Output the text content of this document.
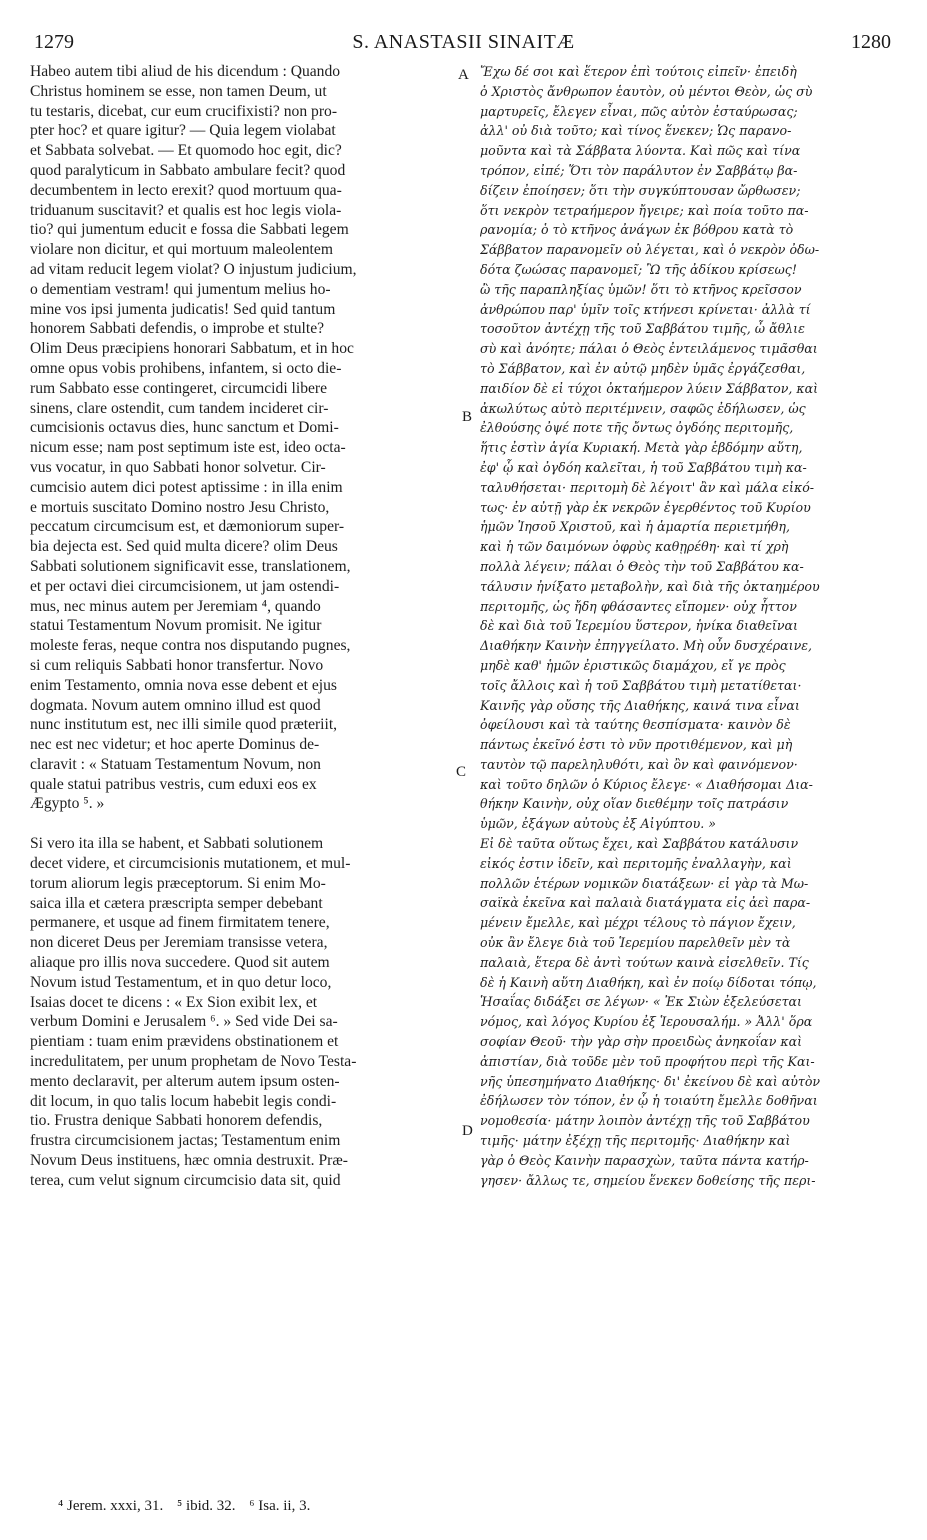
S. ANASTASII SINAITÆ
1279	1280
Habeo autem tibi aliud de his dicendum : Quando
Christus hominem se esse, non tamen Deum, ut
tu testaris, dicebat, cur eum crucifixisti? non pro-
pter hoc? et quare igitur? — Quia legem violabat
et Sabbata solvebat. — Et quomodo hoc egit, dic?
quod paralyticum in Sabbato ambulare fecit? quod
decumbentem in lecto erexit? quod mortuum qua-
triduanum suscitavit? et qualis est hoc legis viola-
tio? qui jumentum educit e fossa die Sabbati legem
violare non dicitur, et qui mortuum maleolentem
ad vitam reducit legem violat? O injustum judicium,
o dementiam vestram! qui jumentum melius ho-
mine vos ipsi jumenta judicatis! Sed quid tantum
honorem Sabbati defendis, o improbe et stulte?
Olim Deus præcipiens honorari Sabbatum, et in hoc
omne opus vobis prohibens, infantem, si octo die-
rum Sabbato esse contingeret, circumcidi libere
sinens, clare ostendit, cum tandem incideret cir-
cumcisionis octavus dies, hunc sanctum et Domi-
nicum esse; nam post septimum iste est, ideo octa-
vus vocatur, in quo Sabbati honor solvetur. Cir-
cumcisio autem dici potest aptissime : in illa enim
e mortuis suscitato Domino nostro Jesu Christo,
peccatum circumcisum est, et dæmoniorum super-
bia dejecta est. Sed quid multa dicere? olim Deus
Sabbati solutionem significavit esse, translationem,
et per octavi diei circumcisionem, ut jam ostendi-
mus, nec minus autem per Jeremiam ⁴, quando
statui Testamentum Novum promisit. Ne igitur
moleste feras, neque contra nos disputando pugnes,
si cum reliquis Sabbati honor transfertur. Novo
enim Testamento, omnia nova esse debent et ejus
dogmata. Novum autem omnino illud est quod
nunc institutum est, nec illi simile quod præteriit,
nec est nec videtur; et hoc aperte Dominus de-
claravit : « Statuam Testamentum Novum, non
quale statui patribus vestris, cum eduxi eos ex
Ægypto ⁵. »
Si vero ita illa se habent, et Sabbati solutionem
decet videre, et circumcisionis mutationem, et mul-
torum aliorum legis præceptorum. Si enim Mo-
saica illa et cætera præscripta semper debebant
permanere, et usque ad finem firmitatem tenere,
non diceret Deus per Jeremiam transisse vetera,
aliaque pro illis nova succedere. Quod sit autem
Novum istud Testamentum, et in quo detur loco,
Isaias docet te dicens : « Ex Sion exibit lex, et
verbum Domini e Jerusalem ⁶. » Sed vide Dei sa-
pientiam : tuam enim prævidens obstinationem et
incredulitatem, per unum prophetam de Novo Testa-
mento declaravit, per alterum autem ipsum osten-
dit locum, in quo talis locum habebit legis condi-
tio. Frustra denique Sabbati honorem defendis,
frustra circumcisionem jactas; Testamentum enim
Novum Deus instituens, hæc omnia destruxit. Præ-
terea, cum velut signum circumcisio data sit, quid
Ἔχω δέ σοι καὶ ἕτερον ἐπὶ τούτοις εἰπεῖν· ἐπειδὴ
ὁ Χριστὸς ἄνθρωπον ἑαυτὸν, οὐ μέντοι Θεὸν, ὡς σὺ
μαρτυρεῖς, ἔλεγεν εἶναι, πῶς αὐτὸν ἐσταύρωσας;
ἀλλ' οὐ διὰ τοῦτο; καὶ τίνος ἕνεκεν; Ὡς παρανο-
μοῦντα καὶ τὰ Σάββατα λύοντα. Καὶ πῶς καὶ τίνα
τρόπον, εἰπέ; Ὅτι τὸν παράλυτον ἐν Σαββάτῳ βα-
δίζειν ἐποίησεν; ὅτι τὴν συγκύπτουσαν ὤρθωσεν;
ὅτι νεκρὸν τετραήμερον ἤγειρε; καὶ ποία τοῦτο πα-
ρανομία; ὁ τὸ κτῆνος ἀνάγων ἐκ βόθρου κατὰ τὸ
Σάββατον παρανομεῖν οὐ λέγεται, καὶ ὁ νεκρὸν ὀδω-
δότα ζωώσας παρανομεῖ; Ὢ τῆς ἀδίκου κρίσεως!
ὢ τῆς παραπληξίας ὑμῶν! ὅτι τὸ κτῆνος κρεῖσσον
ἀνθρώπου παρ' ὑμῖν τοῖς κτήνεσι κρίνεται· ἀλλὰ τί
τοσοῦτον ἀντέχῃ τῆς τοῦ Σαββάτου τιμῆς, ὦ ἄθλιε
σὺ καὶ ἀνόητε; πάλαι ὁ Θεὸς ἐντειλάμενος τιμᾶσθαι
τὸ Σάββατον, καὶ ἐν αὐτῷ μηδὲν ὑμᾶς ἐργάζεσθαι,
παιδίον δὲ εἰ τύχοι ὀκταήμερον λύειν Σάββατον, καὶ
ἀκωλύτως αὐτὸ περιτέμνειν, σαφῶς ἐδήλωσεν, ὡς
ἐλθούσης ὀψέ ποτε τῆς ὄντως ὀγδόης περιτομῆς,
ἥτις ἐστὶν ἁγία Κυριακή. Μετὰ γὰρ ἑβδόμην αὕτη,
ἐφ' ᾧ καὶ ὀγδόη καλεῖται, ἡ τοῦ Σαββάτου τιμὴ κα-
ταλυθήσεται· περιτομὴ δὲ λέγοιτ' ἂν καὶ μάλα εἰκό-
τως· ἐν αὐτῇ γὰρ ἐκ νεκρῶν ἐγερθέντος τοῦ Κυρίου
ἡμῶν Ἰησοῦ Χριστοῦ, καὶ ἡ ἁμαρτία περιετμήθη,
καὶ ἡ τῶν δαιμόνων ὀφρὺς καθῃρέθη· καὶ τί χρὴ
πολλὰ λέγειν; πάλαι ὁ Θεὸς τὴν τοῦ Σαββάτου κα-
τάλυσιν ἠνίξατο μεταβολὴν, καὶ διὰ τῆς ὀκταημέρου
περιτομῆς, ὡς ἤδη φθάσαντες εἴπομεν· οὐχ ἧττον
δὲ καὶ διὰ τοῦ Ἱερεμίου ὕστερον, ἡνίκα διαθεῖναι
Διαθήκην Καινὴν ἐπηγγείλατο. Μὴ οὖν δυσχέραινε,
μηδὲ καθ' ἡμῶν ἐριστικῶς διαμάχου, εἴ γε πρὸς
τοῖς ἄλλοις καὶ ἡ τοῦ Σαββάτου τιμὴ μετατίθεται·
Καινῆς γὰρ οὔσης τῆς Διαθήκης, καινά τινα εἶναι
ὀφείλουσι καὶ τὰ ταύτης θεσπίσματα· καινὸν δὲ
πάντως ἐκεῖνό ἐστι τὸ νῦν προτιθέμενον, καὶ μὴ
ταυτὸν τῷ παρεληλυθότι, καὶ ὂν καὶ φαινόμενον·
καὶ τοῦτο δηλῶν ὁ Κύριος ἔλεγε· « Διαθήσομαι Δια-
θήκην Καινὴν, οὐχ οἵαν διεθέμην τοῖς πατράσιν
ὑμῶν, ἐξάγων αὐτοὺς ἐξ Αἰγύπτου. »
Εἰ δὲ ταῦτα οὕτως ἔχει, καὶ Σαββάτου κατάλυσιν
εἰκός ἐστιν ἰδεῖν, καὶ περιτομῆς ἐναλλαγὴν, καὶ
πολλῶν ἑτέρων νομικῶν διατάξεων· εἰ γὰρ τὰ Μω-
σαϊκὰ ἐκεῖνα καὶ παλαιὰ διατάγματα εἰς ἀεὶ παρα-
μένειν ἔμελλε, καὶ μέχρι τέλους τὸ πάγιον ἔχειν,
οὐκ ἂν ἔλεγε διὰ τοῦ Ἱερεμίου παρελθεῖν μὲν τὰ
παλαιὰ, ἕτερα δὲ ἀντὶ τούτων καινὰ εἰσελθεῖν. Τίς
δὲ ἡ Καινὴ αὕτη Διαθήκη, καὶ ἐν ποίῳ δίδοται τόπῳ,
Ἡσαΐας διδάξει σε λέγων· « Ἐκ Σιὼν ἐξελεύσεται
νόμος, καὶ λόγος Κυρίου ἐξ Ἱερουσαλήμ. » Ἀλλ' ὅρα
σοφίαν Θεοῦ· τὴν γὰρ σὴν προειδὼς ἀνηκοΐαν καὶ
ἀπιστίαν, διὰ τοῦδε μὲν τοῦ προφήτου περὶ τῆς Και-
νῆς ὑπεσημήνατο Διαθήκης· δι' ἐκείνου δὲ καὶ αὐτὸν
ἐδήλωσεν τὸν τόπον, ἐν ᾧ ἡ τοιαύτη ἔμελλε δοθῆναι
νομοθεσία· μάτην λοιπὸν ἀντέχῃ τῆς τοῦ Σαββάτου
τιμῆς· μάτην ἐξέχῃ τῆς περιτομῆς· Διαθήκην καὶ
γὰρ ὁ Θεὸς Καινὴν παρασχὼν, ταῦτα πάντα κατήρ-
γησεν· ἄλλως τε, σημείου ἕνεκεν δοθείσης τῆς περι-
A
B
C
D
⁴ Jerem. xxxi, 31. ⁵ ibid. 32. ⁶ Isa. ii, 3.
